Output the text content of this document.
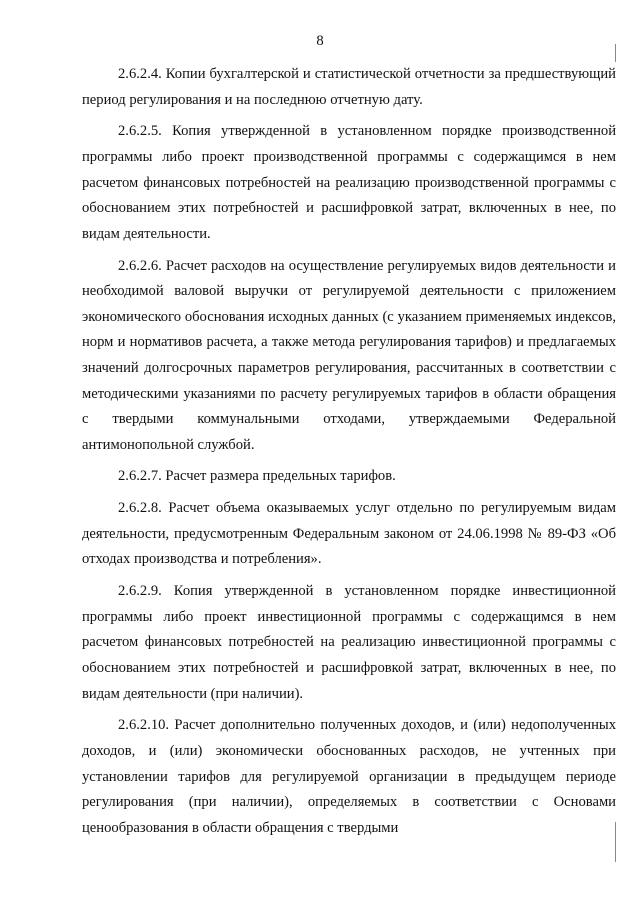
8

2.6.2.4. Копии бухгалтерской и статистической отчетности за предшествующий период регулирования и на последнюю отчетную дату.

2.6.2.5. Копия утвержденной в установленном порядке производственной программы либо проект производственной программы с содержащимся в нем расчетом финансовых потребностей на реализацию производственной программы с обоснованием этих потребностей и расшифровкой затрат, включенных в нее, по видам деятельности.

2.6.2.6. Расчет расходов на осуществление регулируемых видов деятельности и необходимой валовой выручки от регулируемой деятельности с приложением экономического обоснования исходных данных (с указанием применяемых индексов, норм и нормативов расчета, а также метода регулирования тарифов) и предлагаемых значений долгосрочных параметров регулирования, рассчитанных в соответствии с методическими указаниями по расчету регулируемых тарифов в области обращения с твердыми коммунальными отходами, утверждаемыми Федеральной антимонопольной службой.

2.6.2.7. Расчет размера предельных тарифов.

2.6.2.8. Расчет объема оказываемых услуг отдельно по регулируемым видам деятельности, предусмотренным Федеральным законом от 24.06.1998 № 89-ФЗ «Об отходах производства и потребления».

2.6.2.9. Копия утвержденной в установленном порядке инвестиционной программы либо проект инвестиционной программы с содержащимся в нем расчетом финансовых потребностей на реализацию инвестиционной программы с обоснованием этих потребностей и расшифровкой затрат, включенных в нее, по видам деятельности (при наличии).

2.6.2.10. Расчет дополнительно полученных доходов, и (или) недополученных доходов, и (или) экономически обоснованных расходов, не учтенных при установлении тарифов для регулируемой организации в предыдущем периоде регулирования (при наличии), определяемых в соответствии с Основами ценообразования в области обращения с твердыми
